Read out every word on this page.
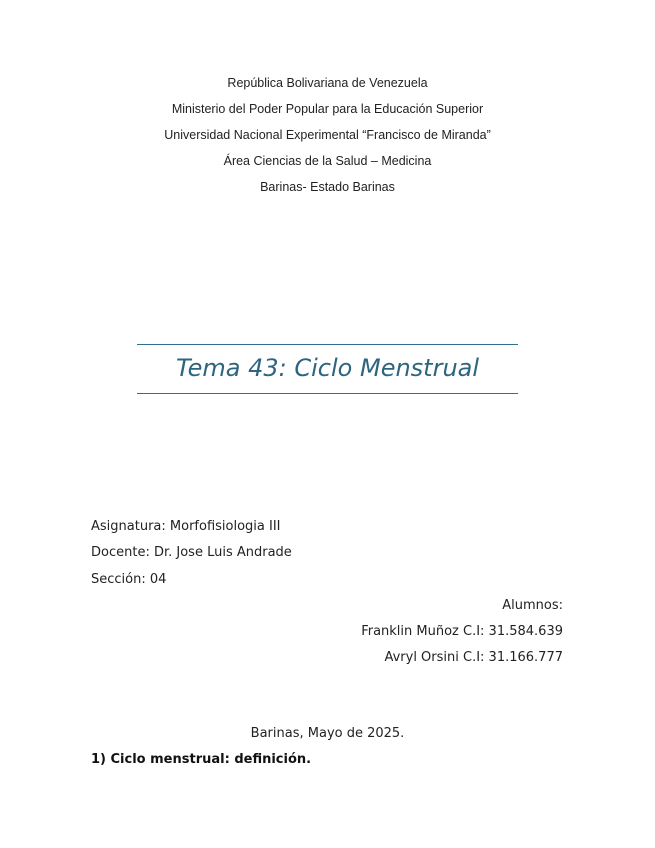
República Bolivariana de Venezuela
Ministerio del Poder Popular para la Educación Superior
Universidad Nacional Experimental “Francisco de Miranda”
Área Ciencias de la Salud – Medicina
Barinas- Estado Barinas
Tema 43: Ciclo Menstrual
Asignatura: Morfofisiologia III
Docente: Dr. Jose Luis Andrade
Sección: 04
Alumnos:
Franklin Muñoz C.I: 31.584.639
Avryl Orsini C.I: 31.166.777
Barinas, Mayo de 2025.
1) Ciclo menstrual: definición.
